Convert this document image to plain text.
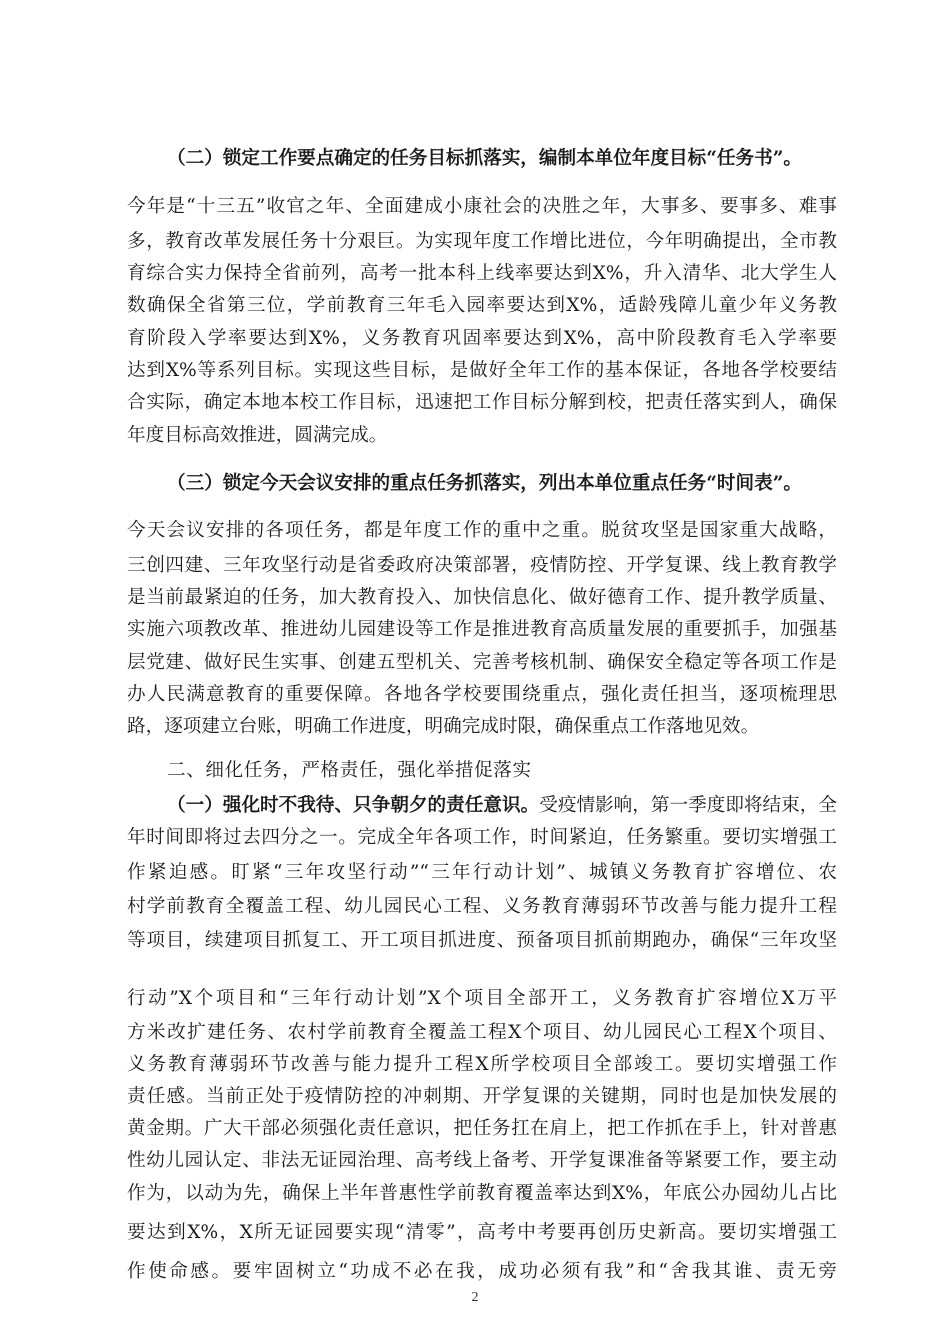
（二）锁定工作要点确定的任务目标抓落实，编制本单位年度目标“任务书”。
今年是“十三五”收官之年、全面建成小康社会的决胜之年，大事多、要事多、难事
多，教育改革发展任务十分艰巨。为实现年度工作增比进位，今年明确提出，全市教
育综合实力保持全省前列，高考一批本科上线率要达到X%，升入清华、北大学生人
数确保全省第三位，学前教育三年毛入园率要达到X%，适龄残障儿童少年义务教
育阶段入学率要达到X%，义务教育巩固率要达到X%，高中阶段教育毛入学率要
达到X%等系列目标。实现这些目标，是做好全年工作的基本保证，各地各学校要结
合实际，确定本地本校工作目标，迅速把工作目标分解到校，把责任落实到人，确保
年度目标高效推进，圆满完成。
（三）锁定今天会议安排的重点任务抓落实，列出本单位重点任务“时间表”。
今天会议安排的各项任务，都是年度工作的重中之重。脱贫攻坚是国家重大战略，
三创四建、三年攻坚行动是省委政府决策部署，疫情防控、开学复课、线上教育教学
是当前最紧迫的任务，加大教育投入、加快信息化、做好德育工作、提升教学质量、
实施六项教改革、推进幼儿园建设等工作是推进教育高质量发展的重要抓手，加强基
层党建、做好民生实事、创建五型机关、完善考核机制、确保安全稳定等各项工作是
办人民满意教育的重要保障。各地各学校要围绕重点，强化责任担当，逐项梳理思
路，逐项建立台账，明确工作进度，明确完成时限，确保重点工作落地见效。
二、细化任务，严格责任，强化举措促落实
（一）强化时不我待、只争朝夕的责任意识。受疫情影响，第一季度即将结束，全
年时间即将过去四分之一。完成全年各项工作，时间紧迫，任务繁重。要切实增强工
作紧迫感。盯紧“三年攻坚行动”“三年行动计划”、城镇义务教育扩容增位、农
村学前教育全覆盖工程、幼儿园民心工程、义务教育薄弱环节改善与能力提升工程
等项目，续建项目抓复工、开工项目抓进度、预备项目抓前期跑办，确保“三年攻坚
行动”X个项目和“三年行动计划”X个项目全部开工，义务教育扩容增位X万平
方米改扩建任务、农村学前教育全覆盖工程X个项目、幼儿园民心工程X个项目、
义务教育薄弱环节改善与能力提升工程X所学校项目全部竣工。要切实增强工作
责任感。当前正处于疫情防控的冲刺期、开学复课的关键期，同时也是加快发展的
黄金期。广大干部必须强化责任意识，把任务扛在肩上，把工作抓在手上，针对普惠
性幼儿园认定、非法无证园治理、高考线上备考、开学复课准备等紧要工作，要主动
作为，以动为先，确保上半年普惠性学前教育覆盖率达到X%，年底公办园幼儿占比
要达到X%，X所无证园要实现“清零”，高考中考要再创历史新高。要切实增强工
作使命感。要牢固树立“功成不必在我，成功必须有我”和“舍我其谁、责无旁
2
